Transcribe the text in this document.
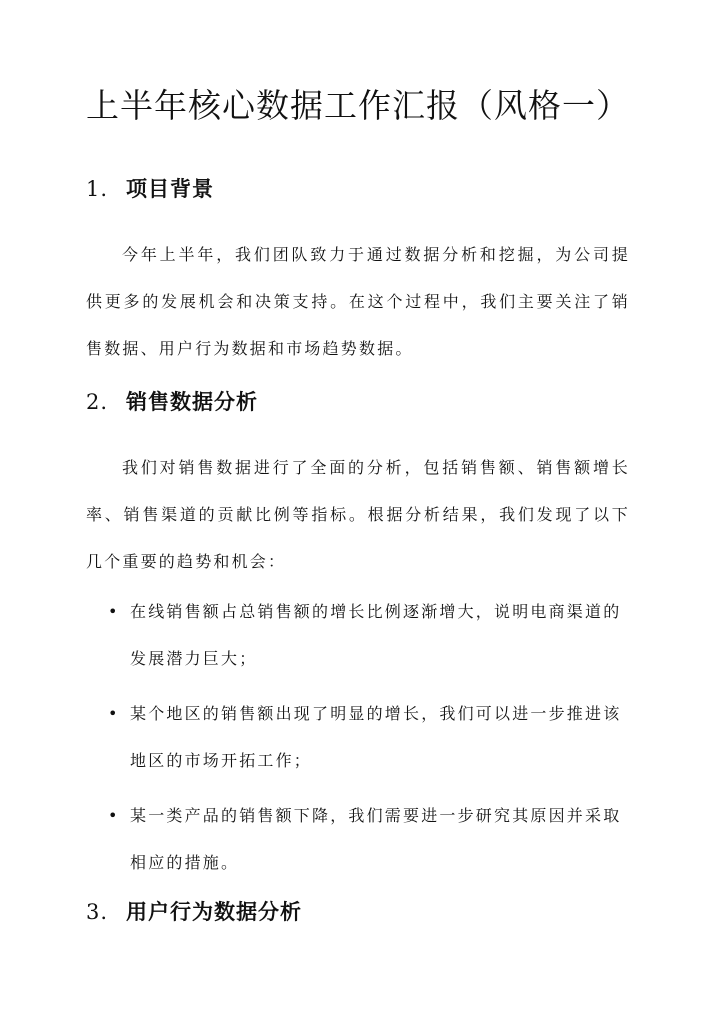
上半年核心数据工作汇报（风格一）
1. 项目背景

今年上半年，我们团队致力于通过数据分析和挖掘，为公司提供更多的发展机会和决策支持。在这个过程中，我们主要关注了销售数据、用户行为数据和市场趋势数据。

2. 销售数据分析

我们对销售数据进行了全面的分析，包括销售额、销售额增长率、销售渠道的贡献比例等指标。根据分析结果，我们发现了以下几个重要的趋势和机会：

• 在线销售额占总销售额的增长比例逐渐增大，说明电商渠道的发展潜力巨大；
• 某个地区的销售额出现了明显的增长，我们可以进一步推进该地区的市场开拓工作；
• 某一类产品的销售额下降，我们需要进一步研究其原因并采取相应的措施。
3. 用户行为数据分析
